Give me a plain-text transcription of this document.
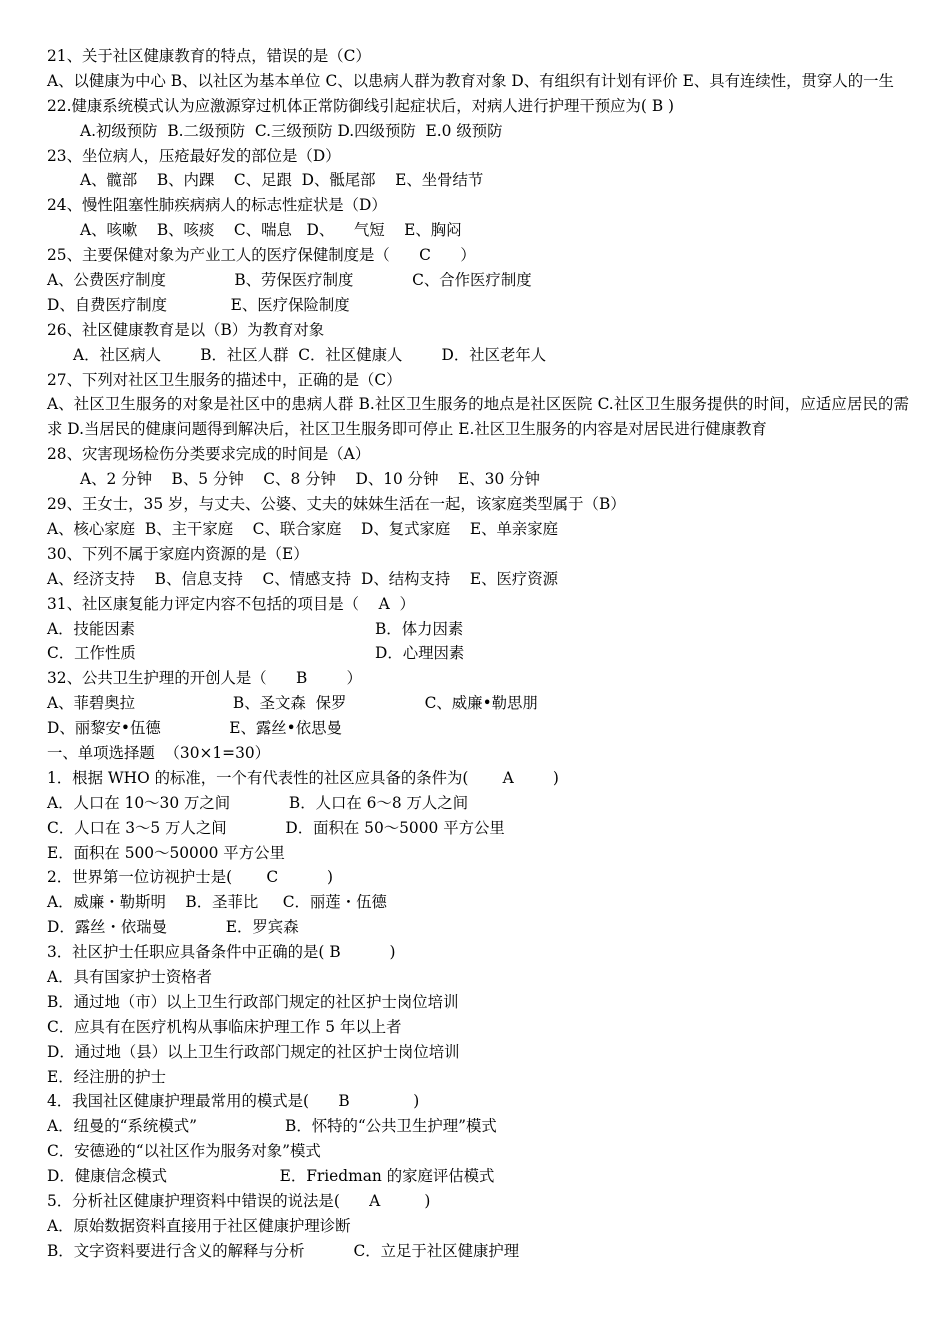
21、关于社区健康教育的特点，错误的是（C）
A、以健康为中心 B、以社区为基本单位 C、以患病人群为教育对象 D、有组织有计划有评价 E、具有连续性，贯穿人的一生
22.健康系统模式认为应激源穿过机体正常防御线引起症状后，对病人进行护理干预应为( B )
A.初级预防  B.二级预防  C.三级预防 D.四级预防  E.0 级预防
23、坐位病人，压疮最好发的部位是（D）
A、髋部    B、内踝    C、足跟  D、骶尾部    E、坐骨结节
24、慢性阻塞性肺疾病病人的标志性症状是（D）
A、咳嗽    B、咳痰    C、喘息   D、    气短    E、胸闷
25、主要保健对象为产业工人的医疗保健制度是（      C      ）
A、公费医疗制度              B、劳保医疗制度            C、合作医疗制度
D、自费医疗制度             E、医疗保险制度
26、社区健康教育是以（B）为教育对象
A．社区病人        B．社区人群  C．社区健康人        D．社区老年人
27、下列对社区卫生服务的描述中，正确的是（C）
A、社区卫生服务的对象是社区中的患病人群 B.社区卫生服务的地点是社区医院 C.社区卫生服务提供的时间，应适应居民的需求 D.当居民的健康问题得到解决后，社区卫生服务即可停止 E.社区卫生服务的内容是对居民进行健康教育
28、灾害现场检伤分类要求完成的时间是（A）
A、2 分钟    B、5 分钟    C、8 分钟    D、10 分钟    E、30 分钟
29、王女士，35 岁，与丈夫、公婆、丈夫的妹妹生活在一起，该家庭类型属于（B）
A、核心家庭  B、主干家庭    C、联合家庭    D、复式家庭    E、单亲家庭
30、下列不属于家庭内资源的是（E）
A、经济支持    B、信息支持    C、情感支持  D、结构支持    E、医疗资源
31、社区康复能力评定内容不包括的项目是（    A  ）
A．技能因素	B．体力因素
C．工作性质	D．心理因素
32、公共卫生护理的开创人是（      B        ）
A、菲碧奥拉                    B、圣文森  保罗                C、威廉•勒思朋
D、丽黎安•伍德              E、露丝•依思曼
一、单项选择题  （30×1=30）
1．根据 WHO 的标准，一个有代表性的社区应具备的条件为(       A        )
A．人口在 10～30 万之间            B．人口在 6～8 万人之间
C．人口在 3～5 万人之间            D．面积在 50～5000 平方公里
E．面积在 500～50000 平方公里
2．世界第一位访视护士是(       C          )
A．威廉・勒斯明    B．圣菲比     C．丽莲・伍德
D．露丝・依瑞曼            E．罗宾森
3．社区护士任职应具备条件中正确的是( B          )
A．具有国家护士资格者
B．通过地（市）以上卫生行政部门规定的社区护士岗位培训
C．应具有在医疗机构从事临床护理工作 5 年以上者
D．通过地（县）以上卫生行政部门规定的社区护士岗位培训
E．经注册的护士
4．我国社区健康护理最常用的模式是(      B             )
A．纽曼的“系统模式”                  B．怀特的“公共卫生护理”模式
C．安德逊的“以社区作为服务对象”模式
D．健康信念模式                       E．Friedman 的家庭评估模式
5．分析社区健康护理资料中错误的说法是(      A         )
A．原始数据资料直接用于社区健康护理诊断
B．文字资料要进行含义的解释与分析          C．立足于社区健康护理
